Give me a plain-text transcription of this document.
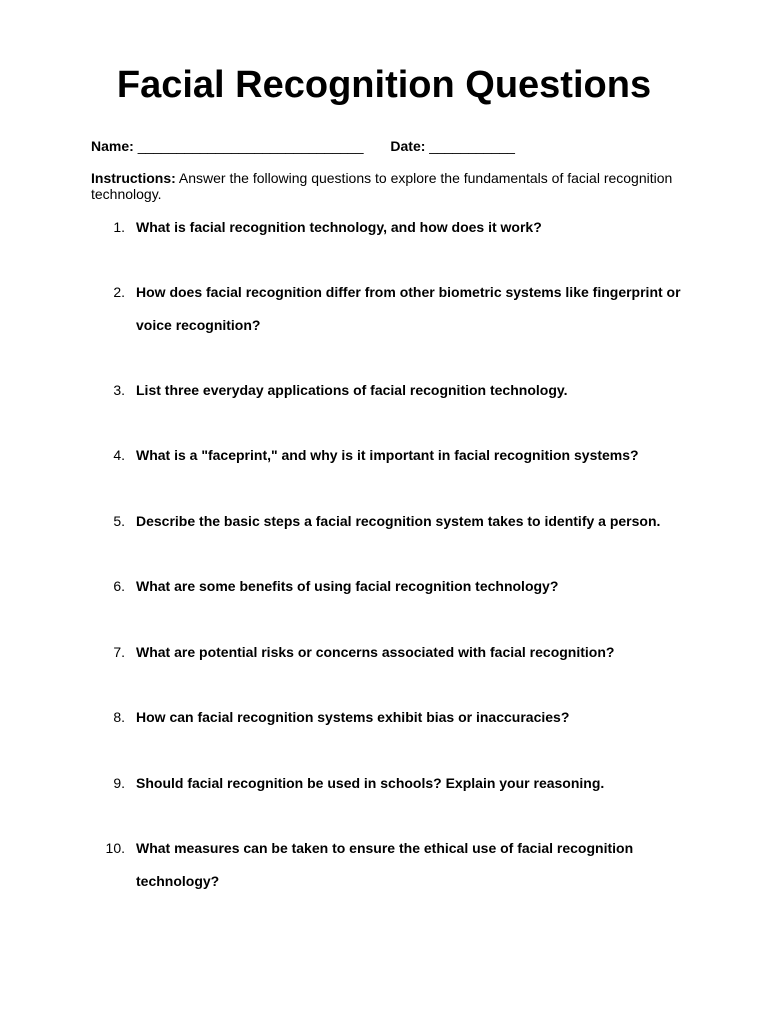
Facial Recognition Questions
Name: _____________________________ Date: ___________
Instructions: Answer the following questions to explore the fundamentals of facial recognition technology.
1. What is facial recognition technology, and how does it work?
2. How does facial recognition differ from other biometric systems like fingerprint or voice recognition?
3. List three everyday applications of facial recognition technology.
4. What is a "faceprint," and why is it important in facial recognition systems?
5. Describe the basic steps a facial recognition system takes to identify a person.
6. What are some benefits of using facial recognition technology?
7. What are potential risks or concerns associated with facial recognition?
8. How can facial recognition systems exhibit bias or inaccuracies?
9. Should facial recognition be used in schools? Explain your reasoning.
10. What measures can be taken to ensure the ethical use of facial recognition technology?
